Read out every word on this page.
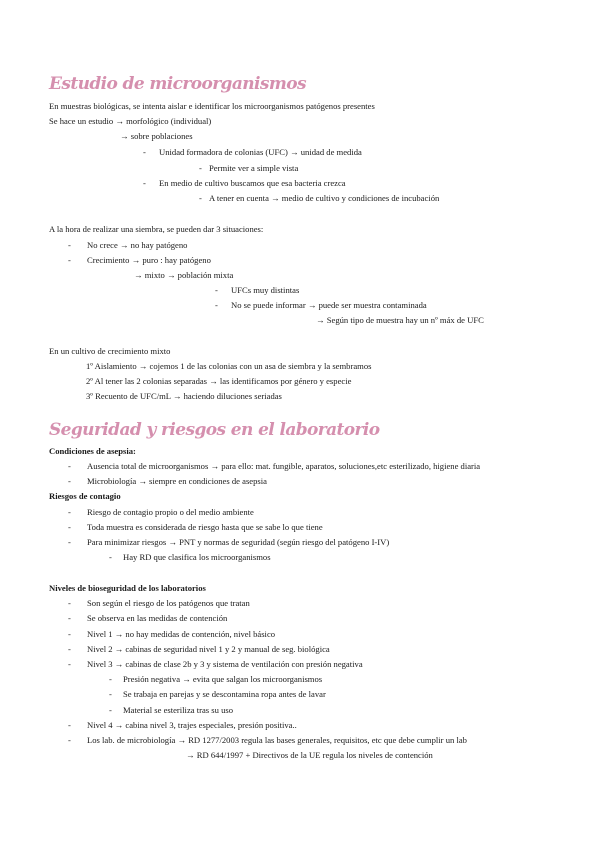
Estudio de microorganismos
En muestras biológicas, se intenta aislar e identificar los microorganismos patógenos presentes
Se hace un estudio → morfológico (individual)
→ sobre poblaciones
- Unidad formadora de colonias (UFC) → unidad de medida
- Permite ver a simple vista
- En medio de cultivo buscamos que esa bacteria crezca
- A tener en cuenta → medio de cultivo y condiciones de incubación
A la hora de realizar una siembra, se pueden dar 3 situaciones:
- No crece → no hay patógeno
- Crecimiento → puro : hay patógeno
→ mixto → población mixta
- UFCs muy distintas
- No se puede informar → puede ser muestra contaminada
→ Según tipo de muestra hay un nº máx de UFC
En un cultivo de crecimiento mixto
1º Aislamiento → cojemos 1 de las colonias con un asa de siembra y la sembramos
2º Al tener las 2 colonias separadas → las identificamos por género y especie
3º Recuento de UFC/mL → haciendo diluciones seriadas
Seguridad y riesgos en el laboratorio
Condiciones de asepsia:
- Ausencia total de microorganismos → para ello: mat. fungible, aparatos, soluciones,etc esterilizado, higiene diaria
- Microbiología → siempre en condiciones de asepsia
Riesgos de contagio
- Riesgo de contagio propio o del medio ambiente
- Toda muestra es considerada de riesgo hasta que se sabe lo que tiene
- Para minimizar riesgos → PNT y normas de seguridad (según riesgo del patógeno I-IV)
- Hay RD que clasifica los microorganismos
Niveles de bioseguridad de los laboratorios
- Son según el riesgo de los patógenos que tratan
- Se observa en las medidas de contención
- Nivel 1 → no hay medidas de contención, nivel básico
- Nivel 2 → cabinas de seguridad nivel 1 y 2 y manual de seg. biológica
- Nivel 3 → cabinas de clase 2b y 3 y sistema de ventilación con presión negativa
- Presión negativa → evita que salgan los microorganismos
- Se trabaja en parejas y se descontamina ropa antes de lavar
- Material se esteriliza tras su uso
- Nivel 4 → cabina nivel 3, trajes especiales, presión positiva..
- Los lab. de microbiología → RD 1277/2003 regula las bases generales, requisitos, etc que debe cumplir un lab
→ RD 644/1997 + Directivos de la UE regula los niveles de contención
